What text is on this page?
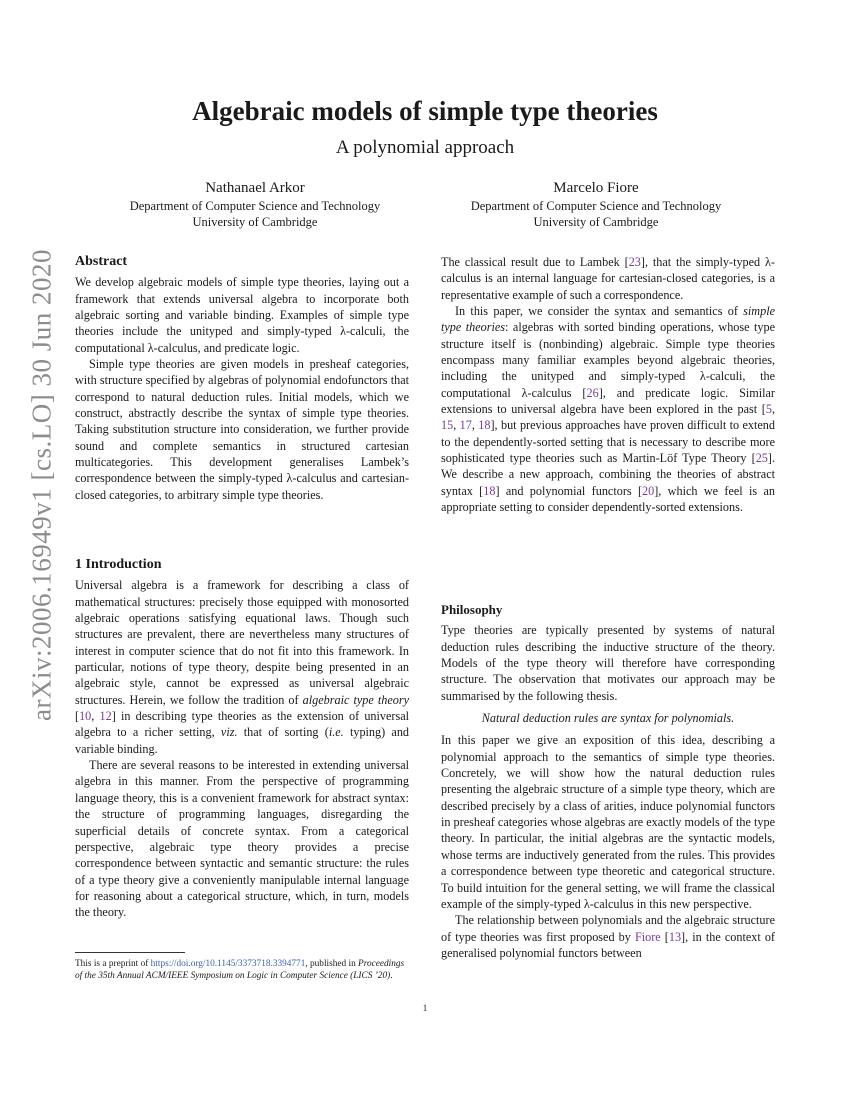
arXiv:2006.16949v1 [cs.LO] 30 Jun 2020
Algebraic models of simple type theories
A polynomial approach
Nathanael Arkor
Department of Computer Science and Technology
University of Cambridge
Marcelo Fiore
Department of Computer Science and Technology
University of Cambridge
Abstract

We develop algebraic models of simple type theories, laying out a framework that extends universal algebra to incorporate both algebraic sorting and variable binding. Examples of simple type theories include the unityped and simply-typed λ-calculi, the computational λ-calculus, and predicate logic.

Simple type theories are given models in presheaf categories, with structure specified by algebras of polynomial endofunctors that correspond to natural deduction rules. Initial models, which we construct, abstractly describe the syntax of simple type theories. Taking substitution structure into consideration, we further provide sound and complete semantics in structured cartesian multicategories. This development generalises Lambek’s correspondence between the simply-typed λ-calculus and cartesian-closed categories, to arbitrary simple type theories.

1 Introduction

Universal algebra is a framework for describing a class of mathematical structures: precisely those equipped with monosorted algebraic operations satisfying equational laws. Though such structures are prevalent, there are nevertheless many structures of interest in computer science that do not fit into this framework. In particular, notions of type theory, despite being presented in an algebraic style, cannot be expressed as universal algebraic structures. Herein, we follow the tradition of algebraic type theory [10, 12] in describing type theories as the extension of universal algebra to a richer setting, viz. that of sorting (i.e. typing) and variable binding.

There are several reasons to be interested in extending universal algebra in this manner. From the perspective of programming language theory, this is a convenient framework for abstract syntax: the structure of programming languages, disregarding the superficial details of concrete syntax. From a categorical perspective, algebraic type theory provides a precise correspondence between syntactic and semantic structure: the rules of a type theory give a conveniently manipulable internal language for reasoning about a categorical structure, which, in turn, models the theory.

The classical result due to Lambek [23], that the simply-typed λ-calculus is an internal language for cartesian-closed categories, is a representative example of such a correspondence.

In this paper, we consider the syntax and semantics of simple type theories: algebras with sorted binding operations, whose type structure itself is (nonbinding) algebraic. Simple type theories encompass many familiar examples beyond algebraic theories, including the unityped and simply-typed λ-calculi, the computational λ-calculus [26], and predicate logic. Similar extensions to universal algebra have been explored in the past [5, 15, 17, 18], but previous approaches have proven difficult to extend to the dependently-sorted setting that is necessary to describe more sophisticated type theories such as Martin-Löf Type Theory [25]. We describe a new approach, combining the theories of abstract syntax [18] and polynomial functors [20], which we feel is an appropriate setting to consider dependently-sorted extensions.

Philosophy

Type theories are typically presented by systems of natural deduction rules describing the inductive structure of the theory. Models of the type theory will therefore have corresponding structure. The observation that motivates our approach may be summarised by the following thesis.

Natural deduction rules are syntax for polynomials.

In this paper we give an exposition of this idea, describing a polynomial approach to the semantics of simple type theories. Concretely, we will show how the natural deduction rules presenting the algebraic structure of a simple type theory, which are described precisely by a class of arities, induce polynomial functors in presheaf categories whose algebras are exactly models of the type theory. In particular, the initial algebras are the syntactic models, whose terms are inductively generated from the rules. This provides a correspondence between type theoretic and categorical structure. To build intuition for the general setting, we will frame the classical example of the simply-typed λ-calculus in this new perspective.

The relationship between polynomials and the algebraic structure of type theories was first proposed by Fiore [13], in the context of generalised polynomial functors between

This is a preprint of https://doi.org/10.1145/3373718.3394771, published in Proceedings of the 35th Annual ACM/IEEE Symposium on Logic in Computer Science (LICS ’20).
1
